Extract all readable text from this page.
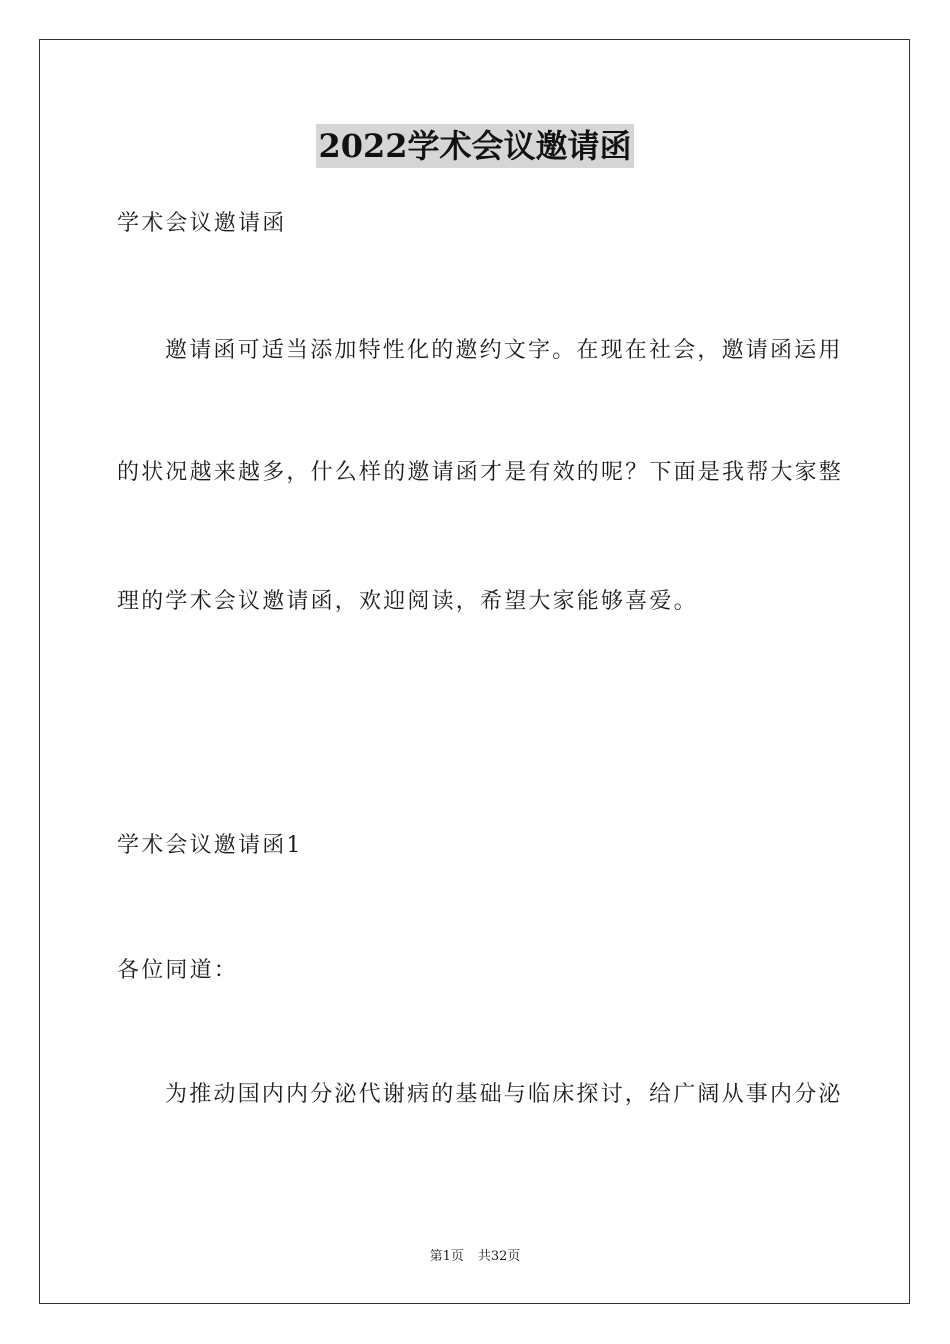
2022学术会议邀请函
学术会议邀请函
邀请函可适当添加特性化的邀约文字。在现在社会，邀请函运用
的状况越来越多，什么样的邀请函才是有效的呢？下面是我帮大家整
理的学术会议邀请函，欢迎阅读，希望大家能够喜爱。
学术会议邀请函1
各位同道：
为推动国内内分泌代谢病的基础与临床探讨，给广阔从事内分泌
第1页 共32页
